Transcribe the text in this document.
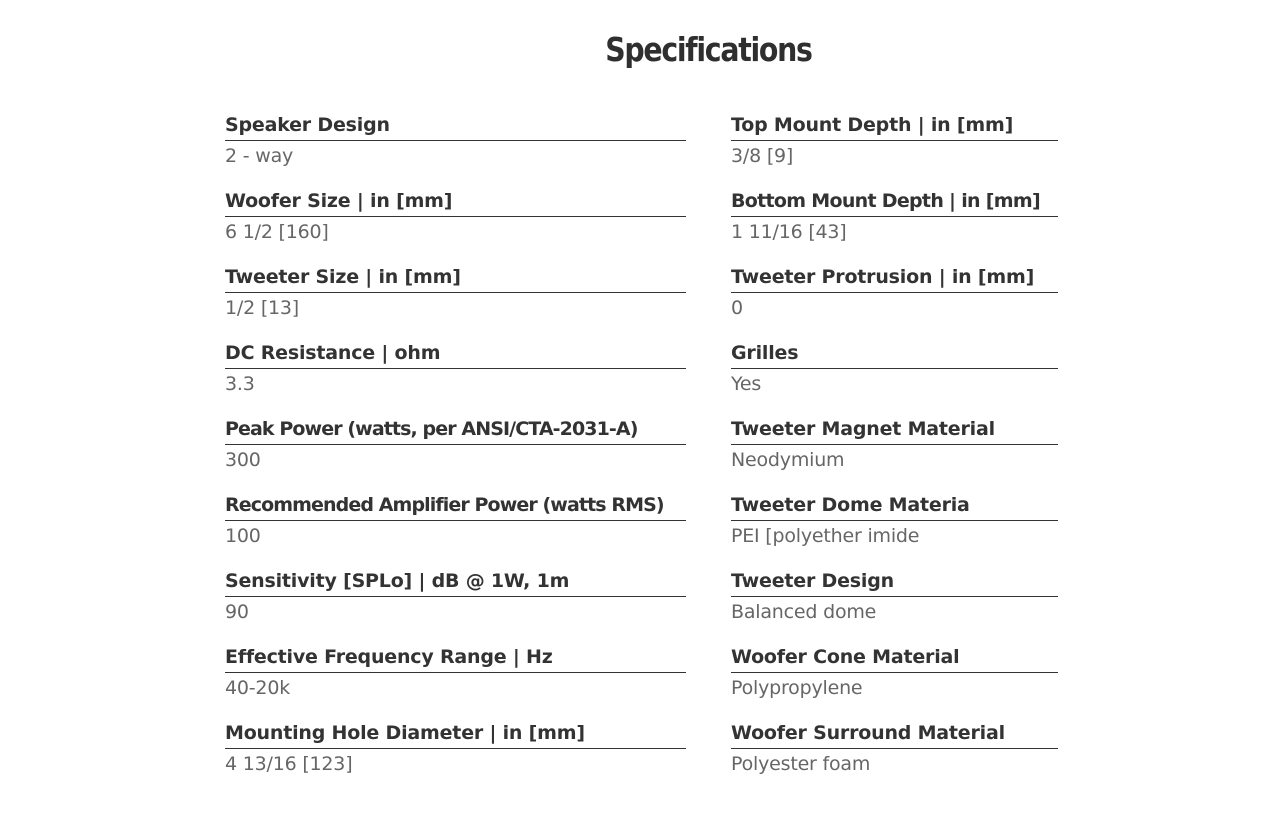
Specifications
Speaker Design
2 - way
Woofer Size | in [mm]
6 1/2 [160]
Tweeter Size | in [mm]
1/2 [13]
DC Resistance | ohm
3.3
Peak Power (watts, per ANSI/CTA-2031-A)
300
Recommended Amplifier Power (watts RMS)
100
Sensitivity [SPLo] | dB @ 1W, 1m
90
Effective Frequency Range | Hz
40-20k
Mounting Hole Diameter | in [mm]
4 13/16 [123]
Top Mount Depth | in [mm]
3/8 [9]
Bottom Mount Depth | in [mm]
1 11/16 [43]
Tweeter Protrusion | in [mm]
0
Grilles
Yes
Tweeter Magnet Material
Neodymium
Tweeter Dome Materia
PEI [polyether imide
Tweeter Design
Balanced dome
Woofer Cone Material
Polypropylene
Woofer Surround Material
Polyester foam
